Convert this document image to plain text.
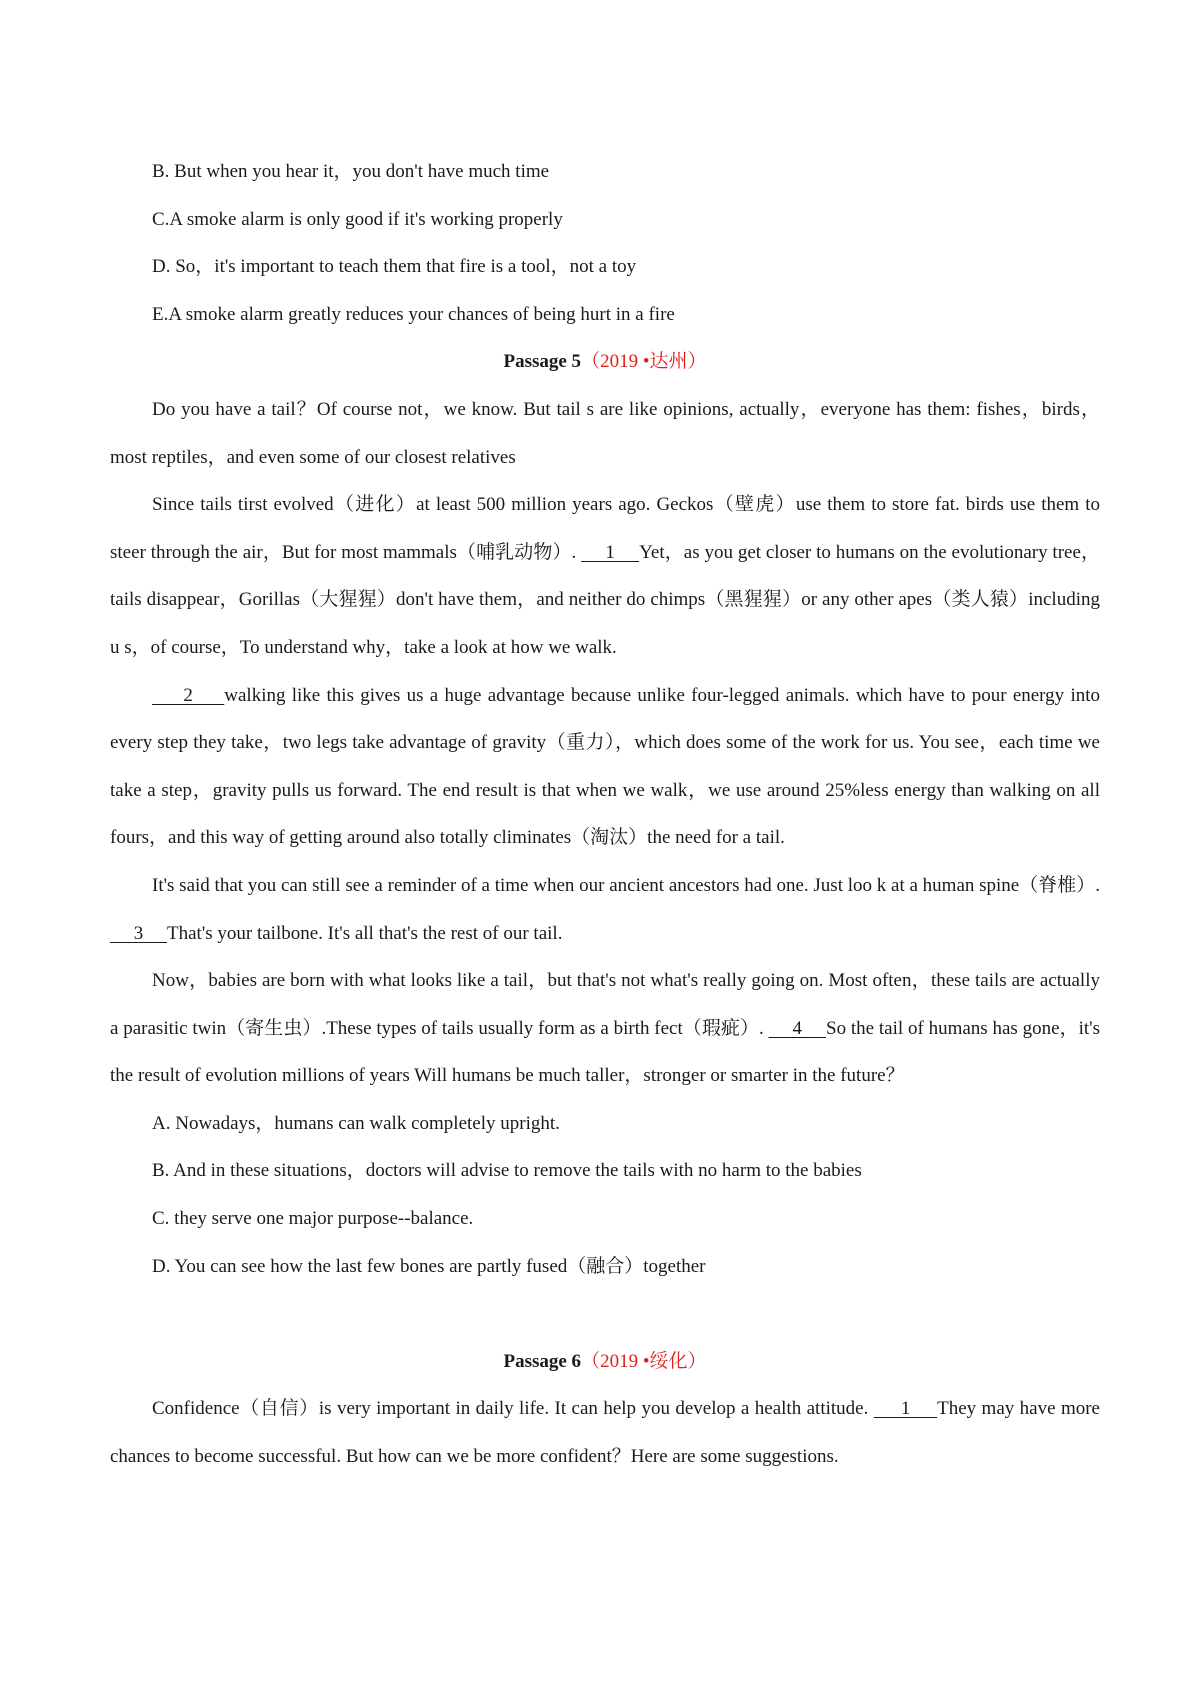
B. But when you hear it，you don't have much time

C.A smoke alarm is only good if it's working properly

D. So，it's important to teach them that fire is a tool，not a toy

E.A smoke alarm greatly reduces your chances of being hurt in a fire

Passage 5（2019 •达州）

Do you have a tail？Of course not，we know. But tail s are like opinions, actually，everyone has them: fishes，birds，most reptiles，and even some of our closest relatives

Since tails tirst evolved（进化）at least 500 million years ago. Geckos（壁虎）use them to store fat. birds use them to steer through the air，But for most mammals（哺乳动物）.      1     Yet，as you get closer to humans on the evolutionary tree，tails disappear，Gorillas（大猩猩）don't have them，and neither do chimps（黑猩猩）or any other apes（类人猿）including u s，of course，To understand why，take a look at how we walk.

2     walking like this gives us a huge advantage because unlike four-legged animals. which have to pour energy into every step they take，two legs take advantage of gravity（重力），which does some of the work for us. You see，each time we take a step，gravity pulls us forward. The end result is that when we walk，we use around 25%less energy than walking on all fours，and this way of getting around also totally climinates（淘汰）the need for a tail.

It's said that you can still see a reminder of a time when our ancient ancestors had one. Just loo k at a human spine（脊椎）.      3     That's your tailbone. It's all that's the rest of our tail.

Now，babies are born with what looks like a tail，but that's not what's really going on. Most often，these tails are actually a parasitic twin（寄生虫）.These types of tails usually form as a birth fect（瑕疵）.      4     So the tail of humans has gone，it's the result of evolution millions of years Will humans be much taller，stronger or smarter in the future？

A. Nowadays，humans can walk completely upright.

B. And in these situations，doctors will advise to remove the tails with no harm to the babies

C. they serve one major purpose--balance.

D. You can see how the last few bones are partly fused（融合）together

Passage 6（2019 •绥化）

Confidence（自信）is very important in daily life. It can help you develop a health attitude.      1     They may have more chances to become successful. But how can we be more confident？Here are some suggestions.
